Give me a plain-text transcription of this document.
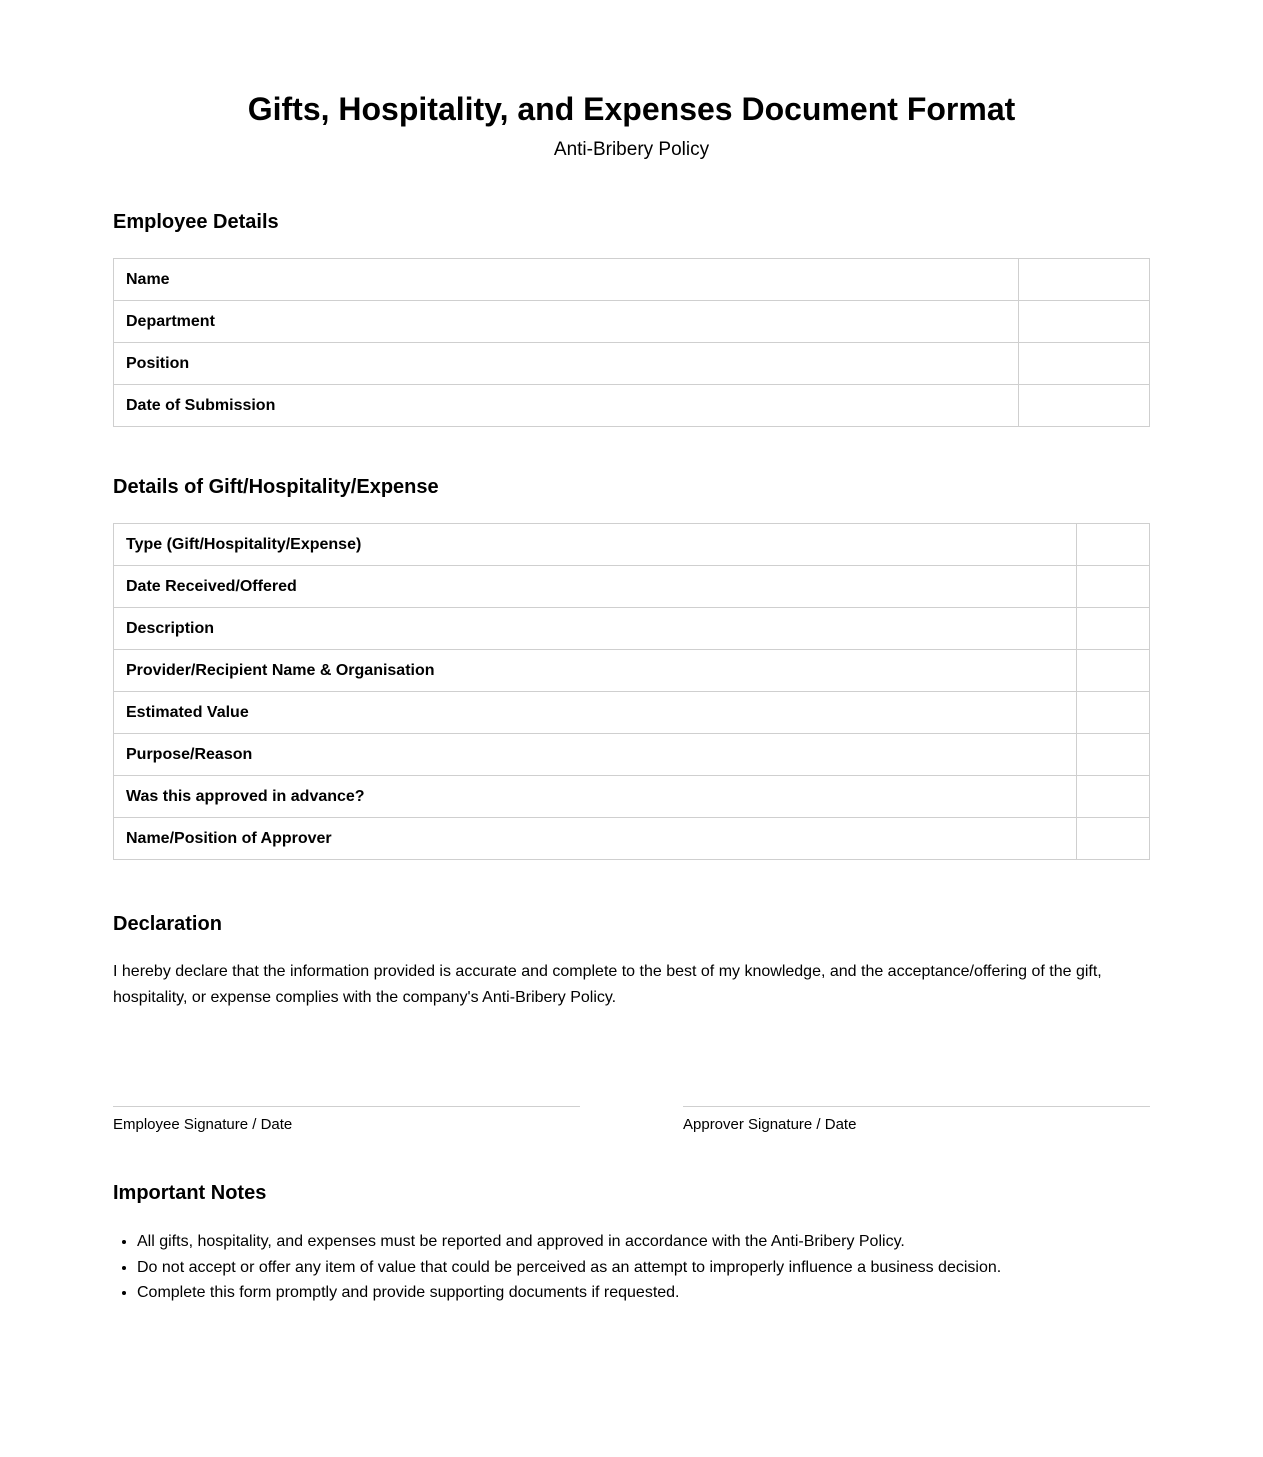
Gifts, Hospitality, and Expenses Document Format

Anti-Bribery Policy

Employee Details
Name	
Department	
Position	
Date of Submission	
Details of Gift/Hospitality/Expense
Type (Gift/Hospitality/Expense)	
Date Received/Offered	
Description	
Provider/Recipient Name & Organisation	
Estimated Value	
Purpose/Reason	
Was this approved in advance?	
Name/Position of Approver	
Declaration

I hereby declare that the information provided is accurate and complete to the best of my knowledge, and the acceptance/offering of the gift, hospitality, or expense complies with the company's Anti-Bribery Policy.

Employee Signature / Date	Approver Signature / Date
Important Notes
• All gifts, hospitality, and expenses must be reported and approved in accordance with the Anti-Bribery Policy.
• Do not accept or offer any item of value that could be perceived as an attempt to improperly influence a business decision.
• Complete this form promptly and provide supporting documents if requested.
